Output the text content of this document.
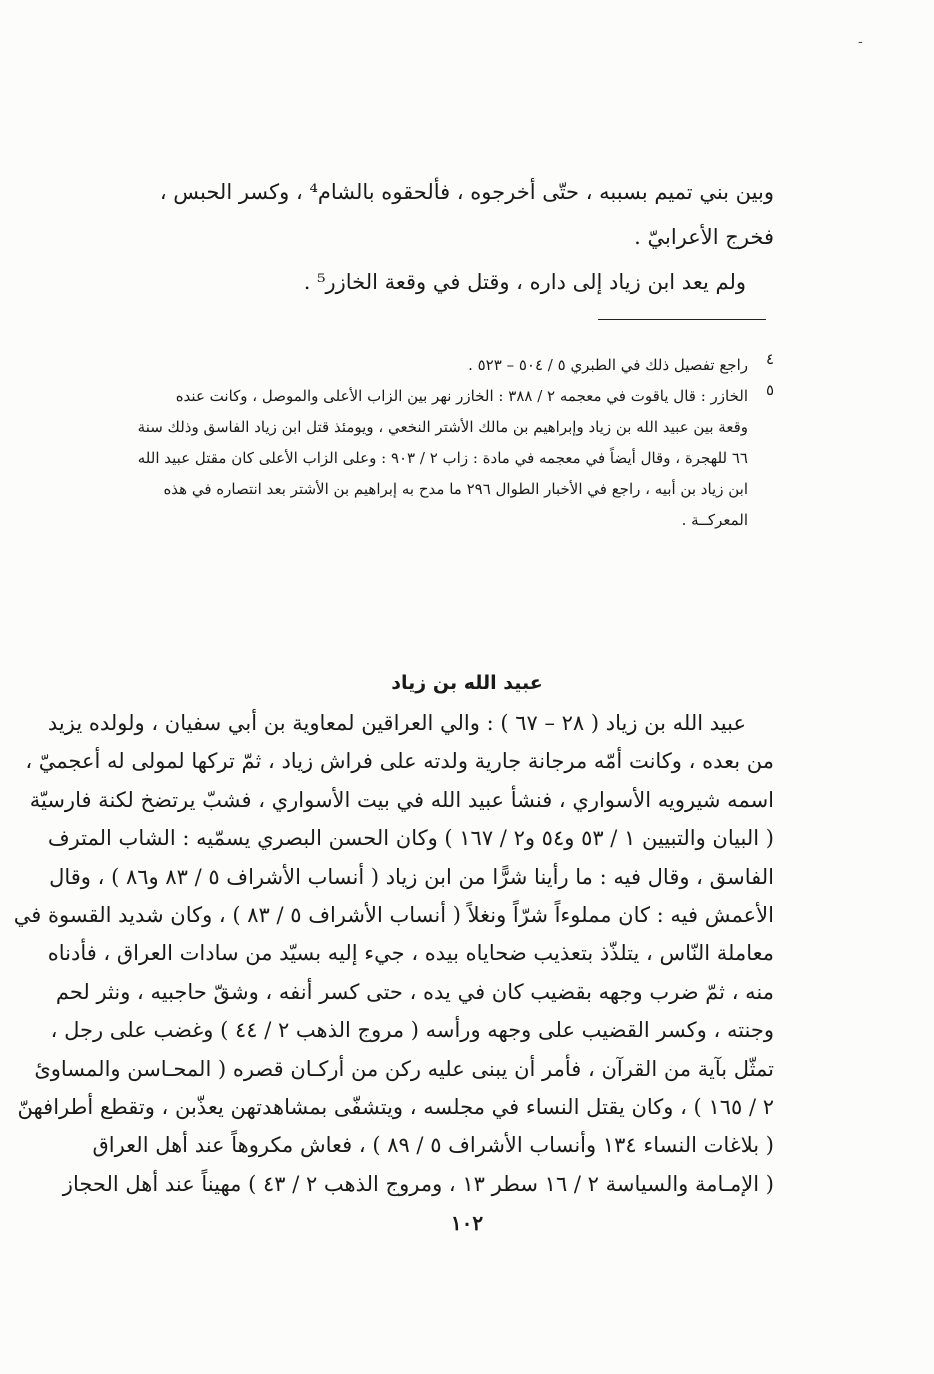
-
وبين بني تميم بسببه ، حتّى أخرجوه ، فألحقوه بالشام⁴ ، وكسر الحبس ،
فخرج الأعرابيّ .
ولم يعد ابن زياد إلى داره ، وقتل في وقعة الخازر⁵ .
٤
راجع تفصيل ذلك في الطبري ٥ / ٥٠٤ – ٥٢٣ .
٥
الخازر : قال ياقوت في معجمه ٢ / ٣٨٨ : الخازر نهر بين الزاب الأعلى والموصل ، وكانت عنده
وقعة بين عبيد الله بن زياد وإبراهيم بن مالك الأشتر النخعي ، ويومئذ قتل ابن زياد الفاسق وذلك سنة
٦٦ للهجرة ، وقال أيضاً في معجمه في مادة : زاب ٢ / ٩٠٣ : وعلى الزاب الأعلى كان مقتل عبيد الله
ابن زياد بن أبيه ، راجع في الأخبار الطوال ٢٩٦ ما مدح به إبراهيم بن الأشتر بعد انتصاره في هذه
المعركــة .
عبيد الله بن زياد
عبيد الله بن زياد ( ٢٨ – ٦٧ ) : والي العراقين لمعاوية بن أبي سفيان ، ولولده يزيد
من بعده ، وكانت أمّه مرجانة جارية ولدته على فراش زياد ، ثمّ تركها لمولى له أعجميّ ،
اسمه شيرويه الأسواري ، فنشأ عبيد الله في بيت الأسواري ، فشبّ يرتضخ لكنة فارسيّة
( البيان والتبيين ١ / ٥٣ و٥٤ و٢ / ١٦٧ ) وكان الحسن البصري يسمّيه : الشاب المترف
الفاسق ، وقال فيه : ما رأينا شرًّا من ابن زياد ( أنساب الأشراف ٥ / ٨٣ و٨٦ ) ، وقال
الأعمش فيه : كان مملوءاً شرّاً ونغلاً ( أنساب الأشراف ٥ / ٨٣ ) ، وكان شديد القسوة في
معاملة النّاس ، يتلذّذ بتعذيب ضحاياه بيده ، جيء إليه بسيّد من سادات العراق ، فأدناه
منه ، ثمّ ضرب وجهه بقضيب كان في يده ، حتى كسر أنفه ، وشقّ حاجبيه ، ونثر لحم
وجنته ، وكسر القضيب على وجهه ورأسه ( مروج الذهب ٢ / ٤٤ ) وغضب على رجل ،
تمثّل بآية من القرآن ، فأمر أن يبنى عليه ركن من أركـان قصره ( المحـاسن والمساوئ
٢ / ١٦٥ ) ، وكان يقتل النساء في مجلسه ، ويتشفّى بمشاهدتهن يعذّبن ، وتقطع أطرافهنّ
( بلاغات النساء ١٣٤ وأنساب الأشراف ٥ / ٨٩ ) ، فعاش مكروهاً عند أهل العراق
( الإمـامة والسياسة ٢ / ١٦ سطر ١٣ ، ومروج الذهب ٢ / ٤٣ ) مهيناً عند أهل الحجاز
١٠٢
